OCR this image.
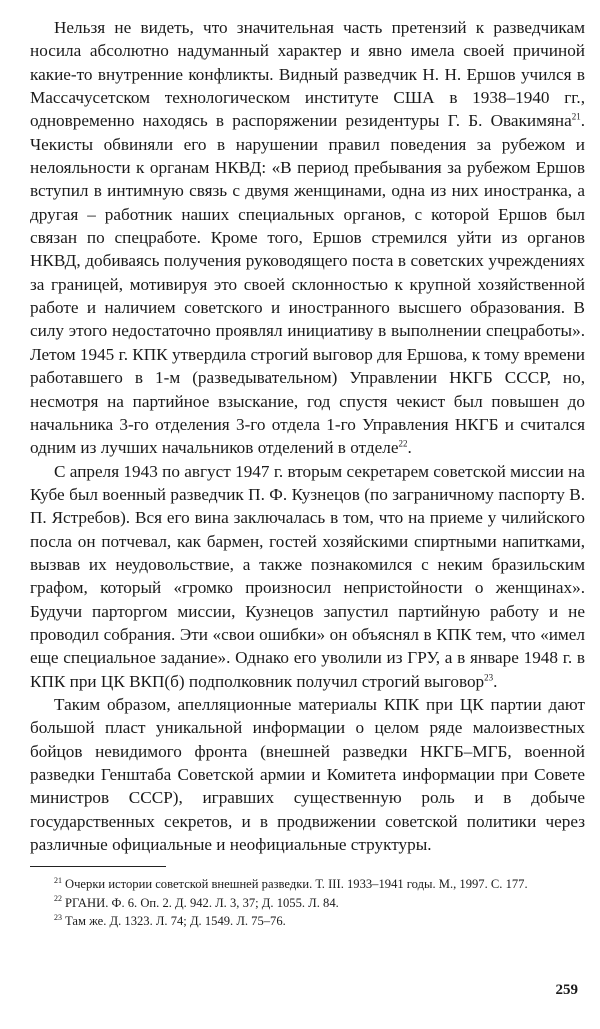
Нельзя не видеть, что значительная часть претензий к разведчикам носила абсолютно надуманный характер и явно имела своей причиной какие-то внутренние конфликты. Видный разведчик Н. Н. Ершов учился в Массачусетском технологическом институте США в 1938–1940 гг., одновременно находясь в распоряжении резидентуры Г. Б. Овакимяна$^{21}$. Чекисты обвиняли его в нарушении правил поведения за рубежом и нелояльности к органам НКВД: «В период пребывания за рубежом Ершов вступил в интимную связь с двумя женщинами, одна из них иностранка, а другая – работник наших специальных органов, с которой Ершов был связан по спецработе. Кроме того, Ершов стремился уйти из органов НКВД, добиваясь получения руководящего поста в советских учреждениях за границей, мотивируя это своей склонностью к крупной хозяйственной работе и наличием советского и иностранного высшего образования. В силу этого недостаточно проявлял инициативу в выполнении спецработы». Летом 1945 г. КПК утвердила строгий выговор для Ершова, к тому времени работавшего в 1-м (разведывательном) Управлении НКГБ СССР, но, несмотря на партийное взыскание, год спустя чекист был повышен до начальника 3-го отделения 3-го отдела 1-го Управления НКГБ и считался одним из лучших начальников отделений в отделе$^{22}$.

С апреля 1943 по август 1947 г. вторым секретарем советской миссии на Кубе был военный разведчик П. Ф. Кузнецов (по заграничному паспорту В. П. Ястребов). Вся его вина заключалась в том, что на приеме у чилийского посла он потчевал, как бармен, гостей хозяйскими спиртными напитками, вызвав их неудовольствие, а также познакомился с неким бразильским графом, который «громко произносил непристойности о женщинах». Будучи парторгом миссии, Кузнецов запустил партийную работу и не проводил собрания. Эти «свои ошибки» он объяснял в КПК тем, что «имел еще специальное задание». Однако его уволили из ГРУ, а в январе 1948 г. в КПК при ЦК ВКП(б) подполковник получил строгий выговор$^{23}$.

Таким образом, апелляционные материалы КПК при ЦК партии дают большой пласт уникальной информации о целом ряде малоизвестных бойцов невидимого фронта (внешней разведки НКГБ–МГБ, военной разведки Генштаба Советской армии и Комитета информации при Совете министров СССР), игравших существенную роль и в добыче государственных секретов, и в продвижении советской политики через различные официальные и неофициальные структуры.

$^{21}$ Очерки истории советской внешней разведки. Т. III. 1933–1941 годы. М., 1997. С. 177.

$^{22}$ РГАНИ. Ф. 6. Оп. 2. Д. 942. Л. 3, 37; Д. 1055. Л. 84.

$^{23}$ Там же. Д. 1323. Л. 74; Д. 1549. Л. 75–76.

259
